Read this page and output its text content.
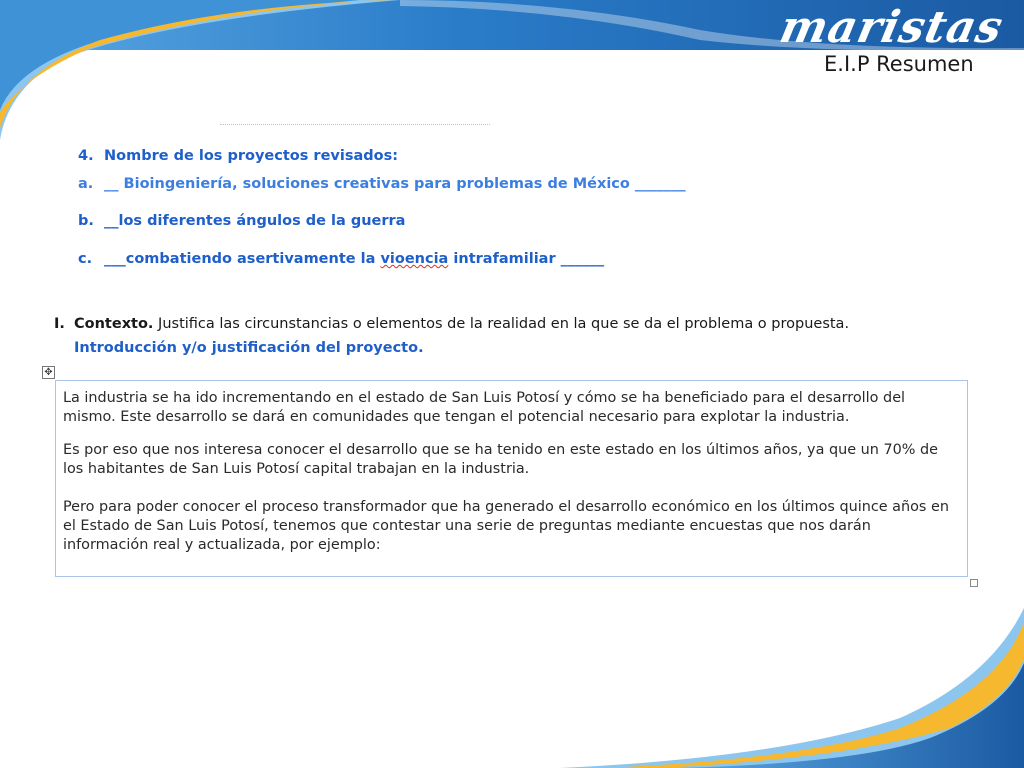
maristas
E.I.P Resumen
4. Nombre de los proyectos revisados:
a. __ Bioingeniería, soluciones creativas para problemas de México _______
b. __los diferentes ángulos de la guerra
c. ___combatiendo asertivamente la vioencia intrafamiliar ______
I. Contexto. Justifica las circunstancias o elementos de la realidad en la que se da el problema o propuesta.
Introducción y/o justificación del proyecto.
✥

La industria se ha ido incrementando en el estado de San Luis Potosí y cómo se ha beneficiado para el desarrollo del mismo. Este desarrollo se dará en comunidades que tengan el potencial necesario para explotar la industria.

Es por eso que nos interesa conocer el desarrollo que se ha tenido en este estado en los últimos años, ya que un 70% de los habitantes de San Luis Potosí capital trabajan en la industria.

Pero para poder conocer el proceso transformador que ha generado el desarrollo económico en los últimos quince años en el Estado de San Luis Potosí, tenemos que contestar una serie de preguntas mediante encuestas que nos darán información real y actualizada, por ejemplo:
